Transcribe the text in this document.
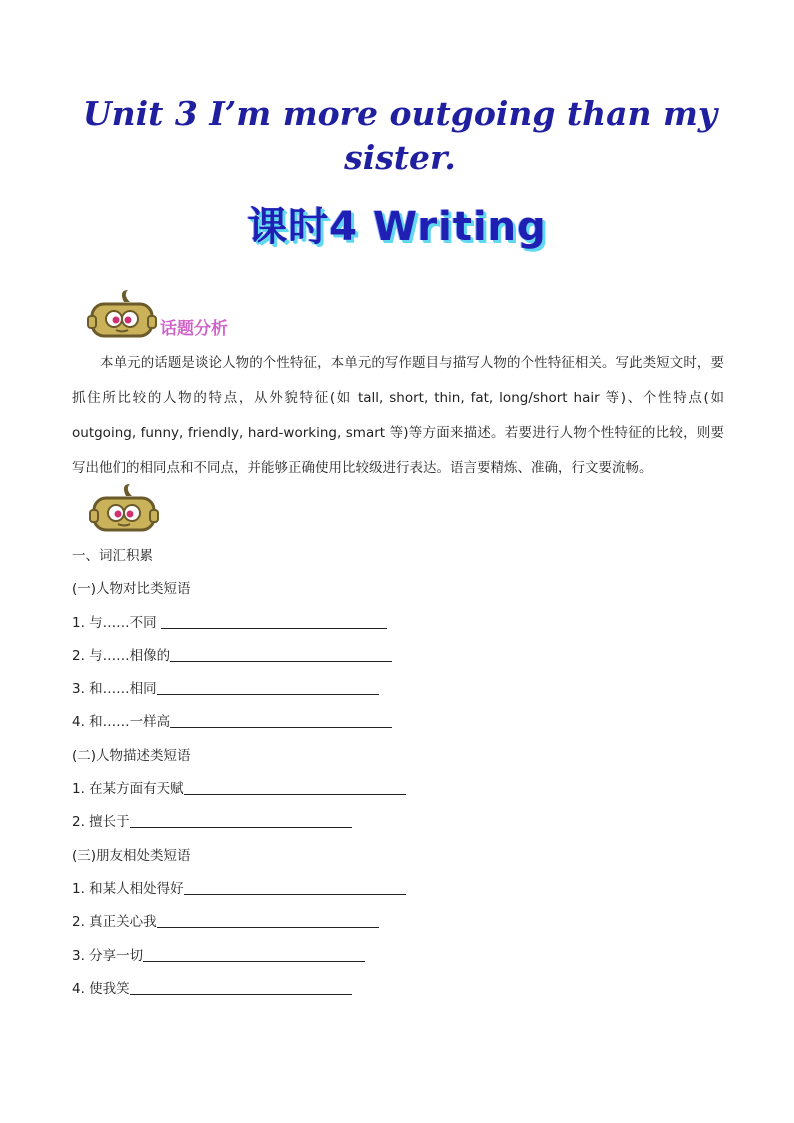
Unit 3 I’m more outgoing than my sister.
课时4 Writing
话题分析
本单元的话题是谈论人物的个性特征，本单元的写作题目与描写人物的个性特征相关。写此类短文时，要抓住所比较的人物的特点，从外貌特征(如 tall, short, thin, fat, long/short hair 等)、个性特点(如 outgoing, funny, friendly, hard-working, smart 等)等方面来描述。若要进行人物个性特征的比较，则要写出他们的相同点和不同点，并能够正确使用比较级进行表达。语言要精炼、准确，行文要流畅。
一、词汇积累
(一)人物对比类短语
1. 与……不同
2. 与……相像的
3. 和……相同
4. 和……一样高
(二)人物描述类短语
1. 在某方面有天赋
2. 擅长于
(三)朋友相处类短语
1. 和某人相处得好
2. 真正关心我
3. 分享一切
4. 使我笑
